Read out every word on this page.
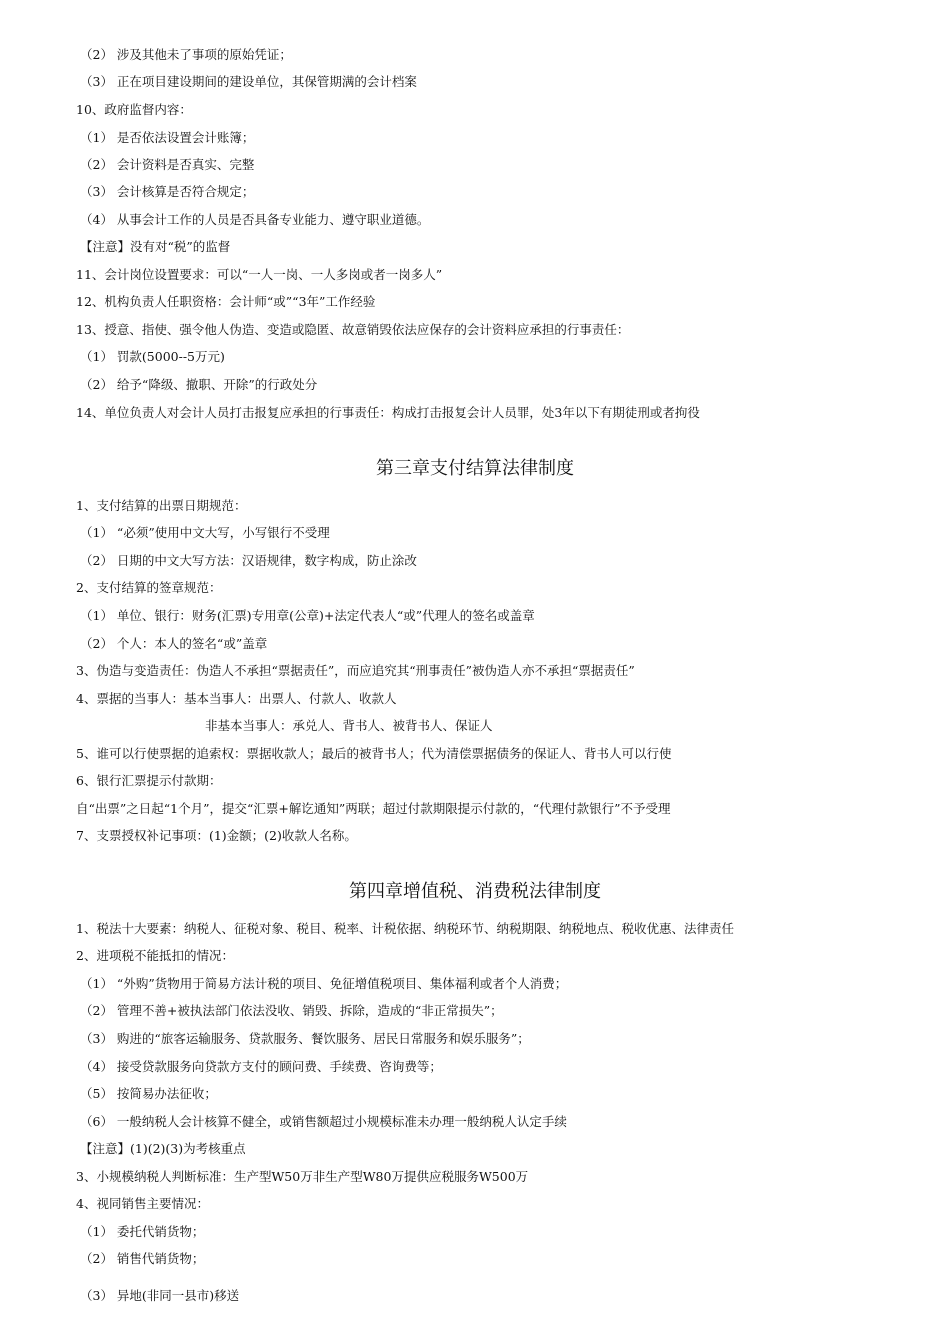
（2） 涉及其他未了事项的原始凭证；
（3） 正在项目建设期间的建设单位，其保管期满的会计档案
10、政府监督内容：
（1） 是否依法设置会计账簿；
（2） 会计资料是否真实、完整
（3） 会计核算是否符合规定；
（4） 从事会计工作的人员是否具备专业能力、遵守职业道德。
【注意】没有对“税”的监督
11、会计岗位设置要求：可以“一人一岗、一人多岗或者一岗多人”
12、机构负责人任职资格：会计师“或”“3年”工作经验
13、授意、指使、强令他人伪造、变造或隐匿、故意销毁依法应保存的会计资料应承担的行事责任：
（1） 罚款(5000--5万元)
（2） 给予“降级、撤职、开除”的行政处分
14、单位负责人对会计人员打击报复应承担的行事责任：构成打击报复会计人员罪，处3年以下有期徒刑或者拘役
第三章支付结算法律制度
1、支付结算的出票日期规范：
（1） “必须”使用中文大写，小写银行不受理
（2） 日期的中文大写方法：汉语规律，数字构成，防止涂改
2、支付结算的签章规范：
（1） 单位、银行：财务(汇票)专用章(公章)+法定代表人“或”代理人的签名或盖章
（2） 个人：本人的签名“或”盖章
3、伪造与变造责任：伪造人不承担“票据责任”，而应追究其“刑事责任”被伪造人亦不承担“票据责任”
4、票据的当事人：基本当事人：出票人、付款人、收款人
非基本当事人：承兑人、背书人、被背书人、保证人
5、谁可以行使票据的追索权：票据收款人；最后的被背书人；代为清偿票据债务的保证人、背书人可以行使
6、银行汇票提示付款期：
自“出票”之日起“1个月”，提交“汇票+解讫通知”两联；超过付款期限提示付款的，“代理付款银行”不予受理
7、支票授权补记事项：(1)金额；(2)收款人名称。
第四章增值税、消费税法律制度
1、税法十大要素：纳税人、征税对象、税目、税率、计税依据、纳税环节、纳税期限、纳税地点、税收优惠、法律责任
2、进项税不能抵扣的情况：
（1） “外购”货物用于简易方法计税的项目、免征增值税项目、集体福利或者个人消费；
（2） 管理不善+被执法部门依法没收、销毁、拆除，造成的“非正常损失”；
（3） 购进的“旅客运输服务、贷款服务、餐饮服务、居民日常服务和娱乐服务”；
（4） 接受贷款服务向贷款方支付的顾问费、手续费、咨询费等；
（5） 按简易办法征收；
（6） 一般纳税人会计核算不健全，或销售额超过小规模标准未办理一般纳税人认定手续
【注意】(1)(2)(3)为考核重点
3、小规模纳税人判断标准：生产型W50万非生产型W80万提供应税服务W500万
4、视同销售主要情况：
（1） 委托代销货物；
（2） 销售代销货物；
（3） 异地(非同一县市)移送
